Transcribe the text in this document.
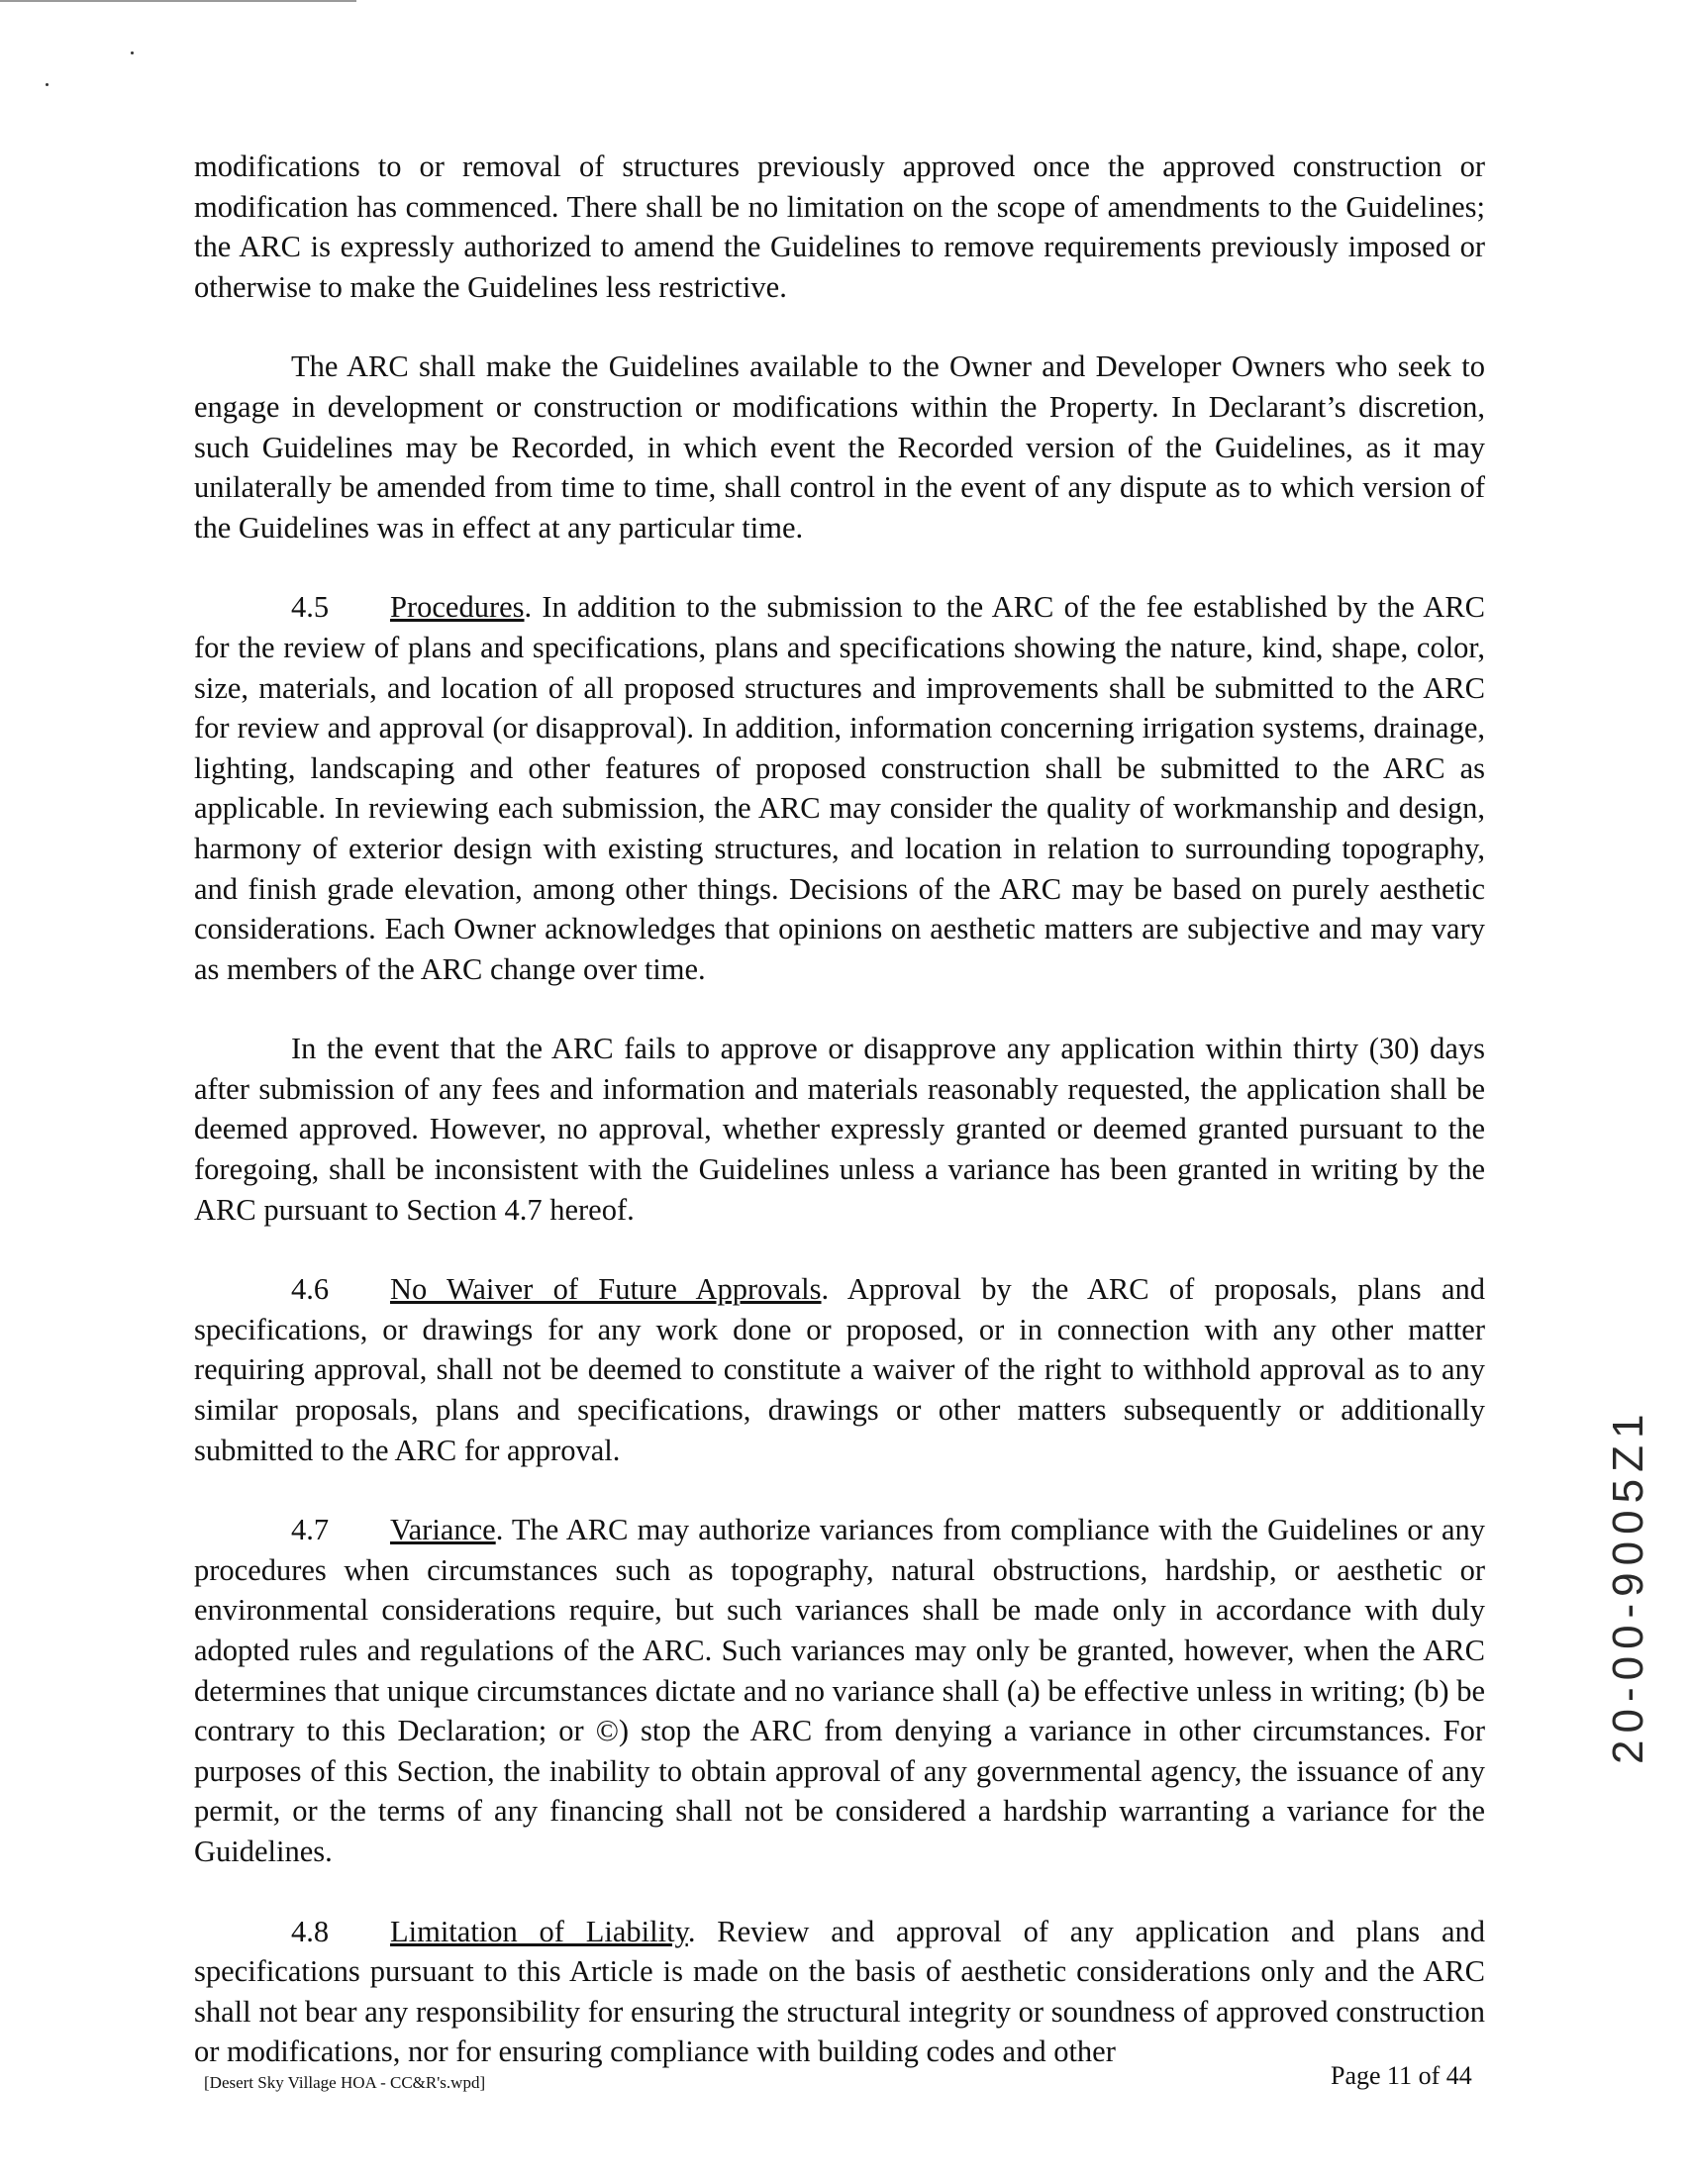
modifications to or removal of structures previously approved once the approved construction or modification has commenced. There shall be no limitation on the scope of amendments to the Guidelines; the ARC is expressly authorized to amend the Guidelines to remove requirements previously imposed or otherwise to make the Guidelines less restrictive.

The ARC shall make the Guidelines available to the Owner and Developer Owners who seek to engage in development or construction or modifications within the Property. In Declarant’s discretion, such Guidelines may be Recorded, in which event the Recorded version of the Guidelines, as it may unilaterally be amended from time to time, shall control in the event of any dispute as to which version of the Guidelines was in effect at any particular time.

4.5 Procedures. In addition to the submission to the ARC of the fee established by the ARC for the review of plans and specifications, plans and specifications showing the nature, kind, shape, color, size, materials, and location of all proposed structures and improvements shall be submitted to the ARC for review and approval (or disapproval). In addition, information concerning irrigation systems, drainage, lighting, landscaping and other features of proposed construction shall be submitted to the ARC as applicable. In reviewing each submission, the ARC may consider the quality of workmanship and design, harmony of exterior design with existing structures, and location in relation to surrounding topography, and finish grade elevation, among other things. Decisions of the ARC may be based on purely aesthetic considerations. Each Owner acknowledges that opinions on aesthetic matters are subjective and may vary as members of the ARC change over time.

In the event that the ARC fails to approve or disapprove any application within thirty (30) days after submission of any fees and information and materials reasonably requested, the application shall be deemed approved. However, no approval, whether expressly granted or deemed granted pursuant to the foregoing, shall be inconsistent with the Guidelines unless a variance has been granted in writing by the ARC pursuant to Section 4.7 hereof.

4.6 No Waiver of Future Approvals. Approval by the ARC of proposals, plans and specifications, or drawings for any work done or proposed, or in connection with any other matter requiring approval, shall not be deemed to constitute a waiver of the right to withhold approval as to any similar proposals, plans and specifications, drawings or other matters subsequently or additionally submitted to the ARC for approval.

4.7 Variance. The ARC may authorize variances from compliance with the Guidelines or any procedures when circumstances such as topography, natural obstructions, hardship, or aesthetic or environmental considerations require, but such variances shall be made only in accordance with duly adopted rules and regulations of the ARC. Such variances may only be granted, however, when the ARC determines that unique circumstances dictate and no variance shall (a) be effective unless in writing; (b) be contrary to this Declaration; or ©) stop the ARC from denying a variance in other circumstances. For purposes of this Section, the inability to obtain approval of any governmental agency, the issuance of any permit, or the terms of any financing shall not be considered a hardship warranting a variance for the Guidelines.

4.8 Limitation of Liability. Review and approval of any application and plans and specifications pursuant to this Article is made on the basis of aesthetic considerations only and the ARC shall not bear any responsibility for ensuring the structural integrity or soundness of approved construction or modifications, nor for ensuring compliance with building codes and other

20-00-9005Z1
[Desert Sky Village HOA - CC&R's.wpd]	Page 11 of 44
